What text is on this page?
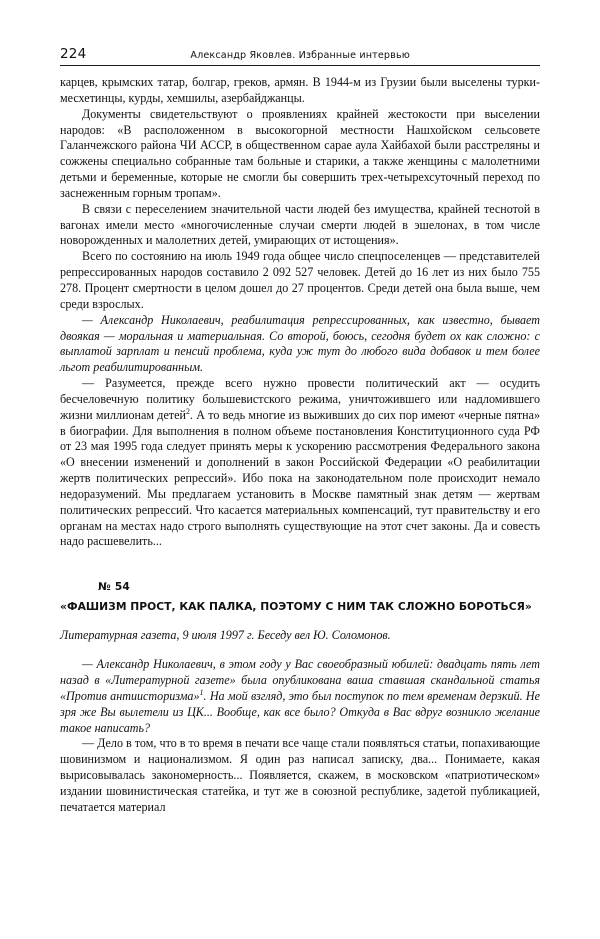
224	Александр Яковлев. Избранные интервью

карцев, крымских татар, болгар, греков, армян. В 1944-м из Грузии были выселены турки-месхетинцы, курды, хемшилы, азербайджанцы.

Документы свидетельствуют о проявлениях крайней жестокости при выселении народов: «В расположенном в высокогорной местности Нашхойском сельсовете Галанчежского района ЧИ АССР, в общественном сарае аула Хайбахой были расстреляны и сожжены специально собранные там больные и старики, а также женщины с малолетними детьми и беременные, которые не смогли бы совершить трех-четырехсуточный переход по заснеженным горным тропам».

В связи с переселением значительной части людей без имущества, крайней теснотой в вагонах имели место «многочисленные случаи смерти людей в эшелонах, в том числе новорожденных и малолетних детей, умирающих от истощения».

Всего по состоянию на июль 1949 года общее число спецпоселенцев — представителей репрессированных народов составило 2 092 527 человек. Детей до 16 лет из них было 755 278. Процент смертности в целом дошел до 27 процентов. Среди детей она была выше, чем среди взрослых.

— Александр Николаевич, реабилитация репрессированных, как известно, бывает двоякая — моральная и материальная. Со второй, боюсь, сегодня будет ох как сложно: с выплатой зарплат и пенсий проблема, куда уж тут до любого вида добавок и тем более льгот реабилитированным.

— Разумеется, прежде всего нужно провести политический акт — осудить бесчеловечную политику большевистского режима, уничтожившего или надломившего жизни миллионам детей$^2$. А то ведь многие из выживших до сих пор имеют «черные пятна» в биографии. Для выполнения в полном объеме постановления Конституционного суда РФ от 23 мая 1995 года следует принять меры к ускорению рассмотрения Федерального закона «О внесении изменений и дополнений в закон Российской Федерации «О реабилитации жертв политических репрессий». Ибо пока на законодательном поле происходит немало недоразумений. Мы предлагаем установить в Москве памятный знак детям — жертвам политических репрессий. Что касается материальных компенсаций, тут правительству и его органам на местах надо строго выполнять существующие на этот счет законы. Да и совесть надо расшевелить...

№ 54
«ФАШИЗМ ПРОСТ, КАК ПАЛКА, ПОЭТОМУ С НИМ ТАК СЛОЖНО БОРОТЬСЯ»
Литературная газета, 9 июля 1997 г. Беседу вел Ю. Соломонов.

— Александр Николаевич, в этом году у Вас своеобразный юбилей: двадцать пять лет назад в «Литературной газете» была опубликована ваша ставшая скандальной статья «Против антиисторизма»$^1$. На мой взгляд, это был поступок по тем временам дерзкий. Не зря же Вы вылетели из ЦК... Вообще, как все было? Откуда в Вас вдруг возникло желание такое написать?

— Дело в том, что в то время в печати все чаще стали появляться статьи, попахивающие шовинизмом и национализмом. Я один раз написал записку, два... Понимаете, какая вырисовывалась закономерность... Появляется, скажем, в московском «патриотическом» издании шовинистическая статейка, и тут же в союзной республике, задетой публикацией, печатается материал
